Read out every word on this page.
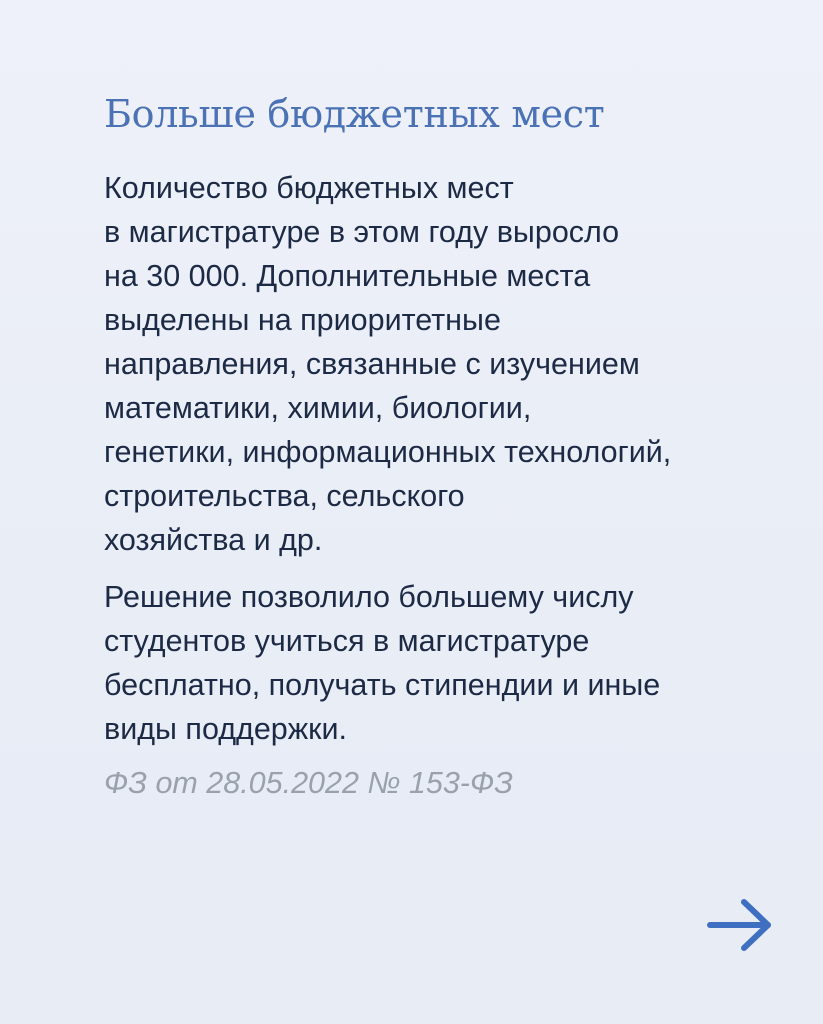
Больше бюджетных мест

Количество бюджетных мест
в магистратуре в этом году выросло
на 30 000. Дополнительные места
выделены на приоритетные
направления, связанные с изучением
математики, химии, биологии,
генетики, информационных технологий,
строительства, сельского
хозяйства и др.

Решение позволило большему числу
студентов учиться в магистратуре
бесплатно, получать стипендии и иные
виды поддержки.

ФЗ от 28.05.2022 № 153-ФЗ
